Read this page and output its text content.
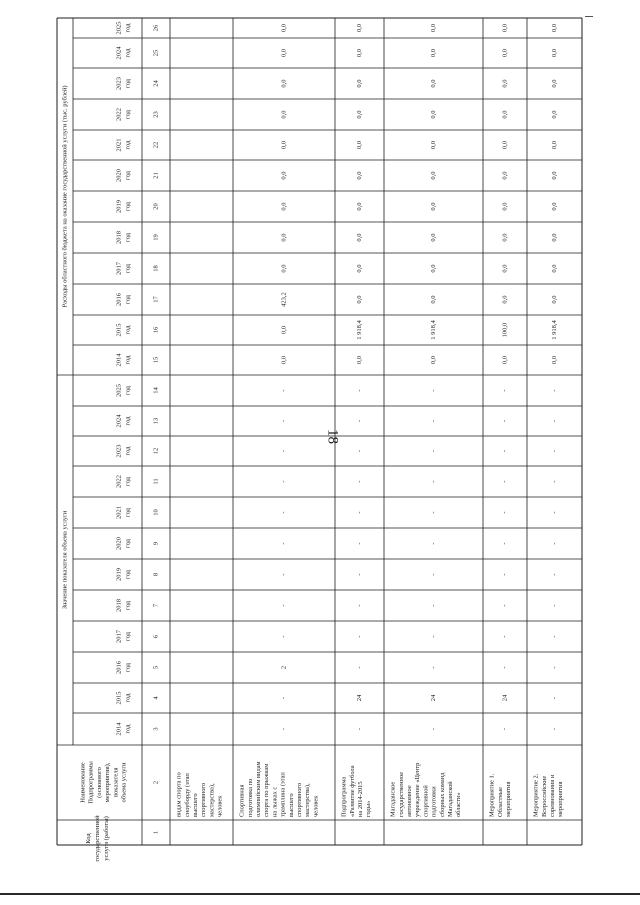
18
Код государственной услуги (работы)
Наименование Подпрограммы (основного мероприятия), показателя объема услуги
Значение показателя объема услуги
Расходы областного бюджета на оказание государственной услуги (тыс. рублей)
2014 год
2015 год
2016 год
2017 год
2018 год
2019 год
2020 год
2021 год
2022 год
2023 год
2024 год
2025 год
2014 год
2015 год
2016 год
2017 год
2018 год
2019 год
2020 год
2021 год
2022 год
2023 год
2024 год
2025 год
1
2
3
4
5
6
7
8
9
10
11
12
13
14
15
16
17
18
19
20
21
22
23
24
25
26
видам спорта по сноуборду (этап высшего спортивного мастерства), человек Спортивная подготовка по олимпийским видам спорта по прыжкам на лыжах с трамплина (этап высшего спортивного мастерства), человек
-
-
2
-
-
-
-
-
-
-
-
-
0,0
0,0
423,2
0,0
0,0
0,0
0,0
0,0
0,0
0,0
0,0
0,0
Подпрограмма «Развитие футбола на 2014-2015 годы»
-
24
-
-
-
-
-
-
-
-
-
-
0,0
1 918,4
0,0
0,0
0,0
0,0
0,0
0,0
0,0
0,0
0,0
0,0
Магаданское государственное автономное учреждение «Центр спортивной подготовки сборных команд Магаданской области»
-
24
-
-
-
-
-
-
-
-
-
-
0,0
1 918,4
0,0
0,0
0,0
0,0
0,0
0,0
0,0
0,0
0,0
0,0
Мероприятие 1. Областные мероприятия
-
24
-
-
-
-
-
-
-
-
-
-
0,0
100,0
0,0
0,0
0,0
0,0
0,0
0,0
0,0
0,0
0,0
0,0
Мероприятие 2. Всероссийские соревнования и мероприятия
-
-
-
-
-
-
-
-
-
-
-
-
0,0
1 918,4
0,0
0,0
0,0
0,0
0,0
0,0
0,0
0,0
0,0
0,0
